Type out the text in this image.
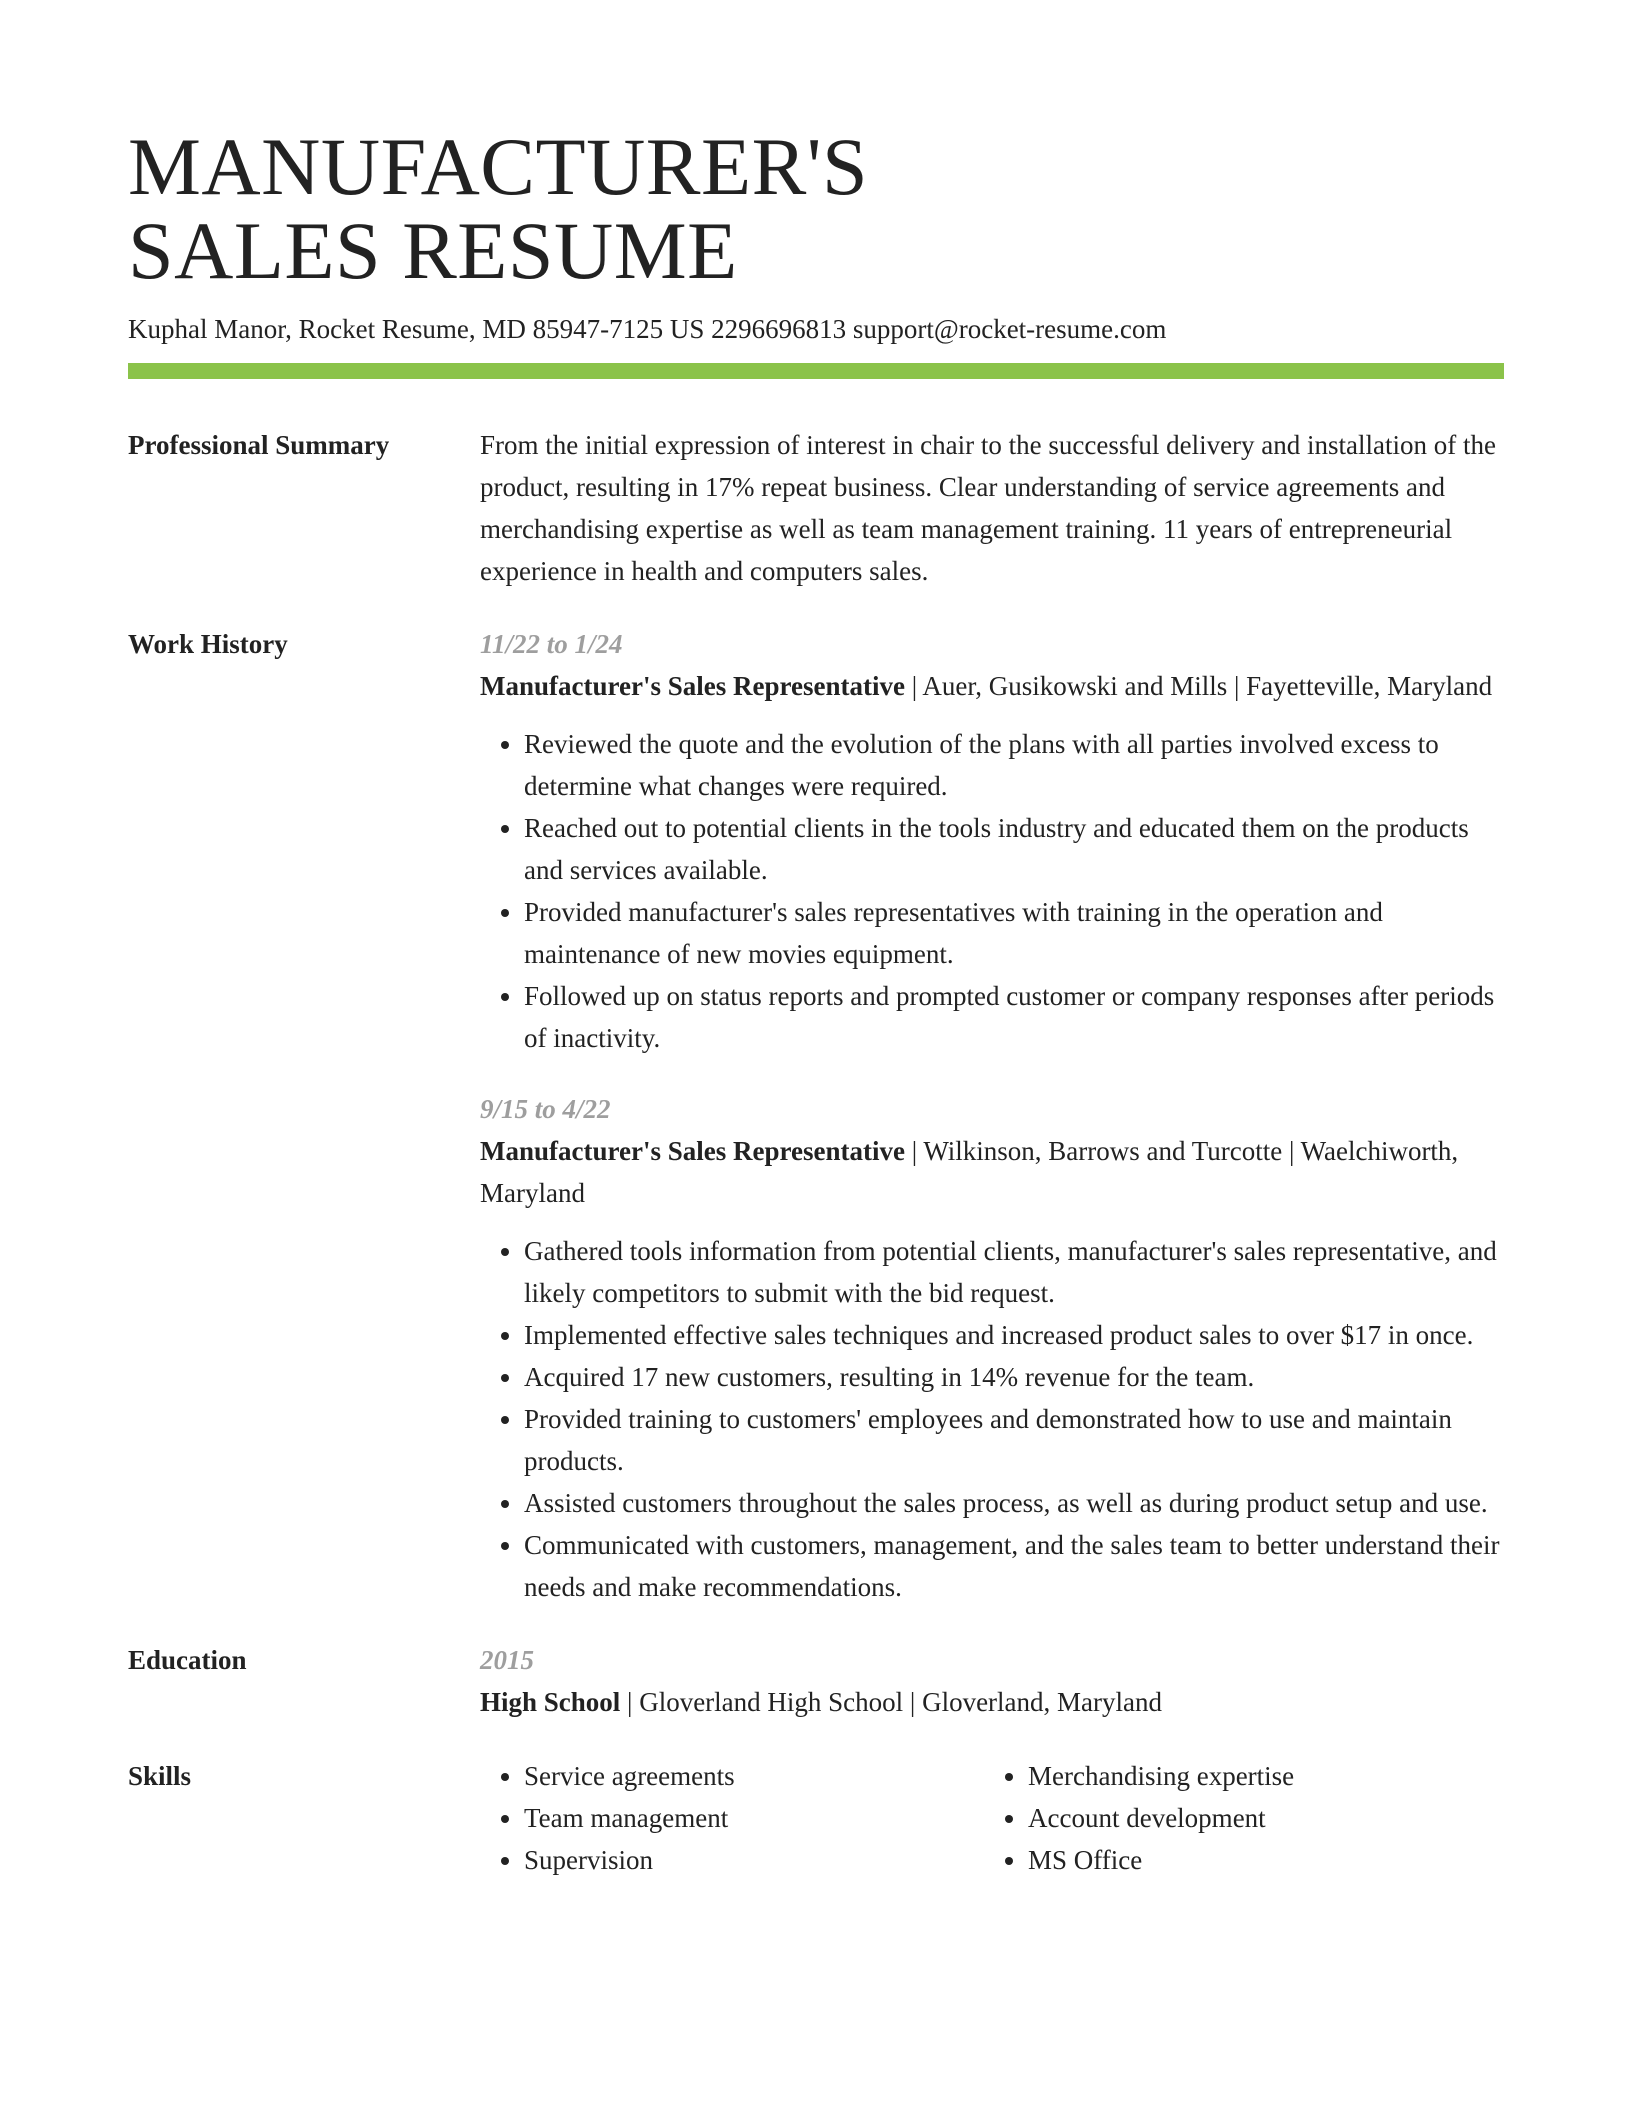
MANUFACTURER'S
SALES RESUME
Kuphal Manor, Rocket Resume, MD 85947-7125 US 2296696813 support@rocket-resume.com
Professional Summary	From the initial expression of interest in chair to the successful delivery and installation of the product, resulting in 17% repeat business. Clear understanding of service agreements and merchandising expertise as well as team management training. 11 years of entrepreneurial experience in health and computers sales.
Work History	11/22 to 1/24
Manufacturer's Sales Representative | Auer, Gusikowski and Mills | Fayetteville, Maryland
• Reviewed the quote and the evolution of the plans with all parties involved excess to determine what changes were required.
• Reached out to potential clients in the tools industry and educated them on the products and services available.
• Provided manufacturer's sales representatives with training in the operation and maintenance of new movies equipment.
• Followed up on status reports and prompted customer or company responses after periods of inactivity.
9/15 to 4/22
Manufacturer's Sales Representative | Wilkinson, Barrows and Turcotte | Waelchiworth, Maryland
• Gathered tools information from potential clients, manufacturer's sales representative, and likely competitors to submit with the bid request.
• Implemented effective sales techniques and increased product sales to over $17 in once.
• Acquired 17 new customers, resulting in 14% revenue for the team.
• Provided training to customers' employees and demonstrated how to use and maintain products.
• Assisted customers throughout the sales process, as well as during product setup and use.
• Communicated with customers, management, and the sales team to better understand their needs and make recommendations.
Education	2015
High School | Gloverland High School | Gloverland, Maryland
Skills
•	Service agreements
• Team management
• Supervision
• Merchandising expertise
• Account development
• MS Office
